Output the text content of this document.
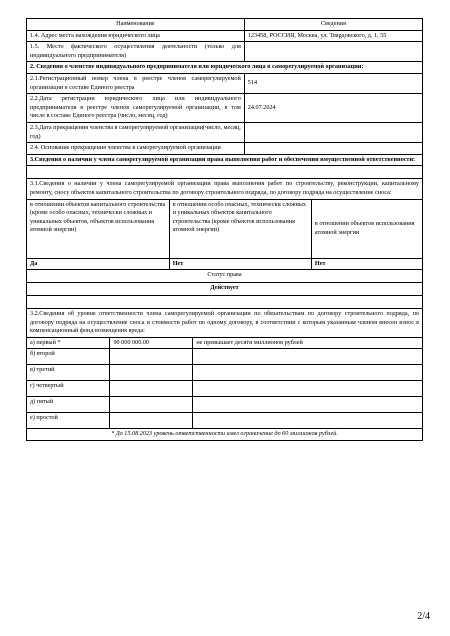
Наименование	Сведения
1.4. Адрес места нахождения юридического лица	123458, РОССИЯ, Москва, ул. Твардовского, д. 1, 55
1.5. Место фактического осуществления деятельности (только для индивидуального предпринимателя)	
2. Сведения о членстве индивидуального предпринимателя или юридического лица в саморегулируемой организации:
2.1.Регистрационный номер члена в реестре членов саморегулируемой организации в составе Единого реестра	514
2.2.Дата регистрации юридического лица или индивидуального предпринимателя в реестре членов саморегулируемой организации, в том числе в составе Единого реестра (число, месяц, год)	24.07.2024
2.3.Дата прекращения членства в саморегулируемой организации(число, месяц, год)	
2.4. Основание прекращения членства в саморегулируемой организации	
3.Сведения о наличии у члена саморегулируемой организации права выполнения работ и обеспечении имущественной ответственности:

3.1.Сведения о наличии у члена саморегулируемой организации права выполнения работ по строительству, реконструкции, капитальному ремонту, сносу объектов капитального строительства по договору строительного подряда, по договору подряда на осуществление сноса:
в отношении объектов капитального строительства (кроме особо опасных, технически сложных и уникальных объектов, объектов использования атомной энергии)	в отношении особо опасных, технически сложных и уникальных объектов капитального строительства (кроме объектов использования атомной энергии)	в отношении объектов использования атомной энергии
Да	Нет	Нет
Статус права
Действует

3.2.Сведения об уровне ответственности члена саморегулируемой организации по обязательствам по договору строительного подряда, по договору подряда на осуществление сноса и стоимости работ по одному договору, в соответствии с которым указанным членом внесен взнос в компенсационный фонд возмещения вреда:
а) первый *	90 000 000.00	не превышает десяти миллионов рублей
б) второй		
в) третий		
г) четвертый		
д) пятый		
е) простой		

* До 15.08.2023 уровень ответственности имел ограничение до 60 миллионов рублей.
2/4
